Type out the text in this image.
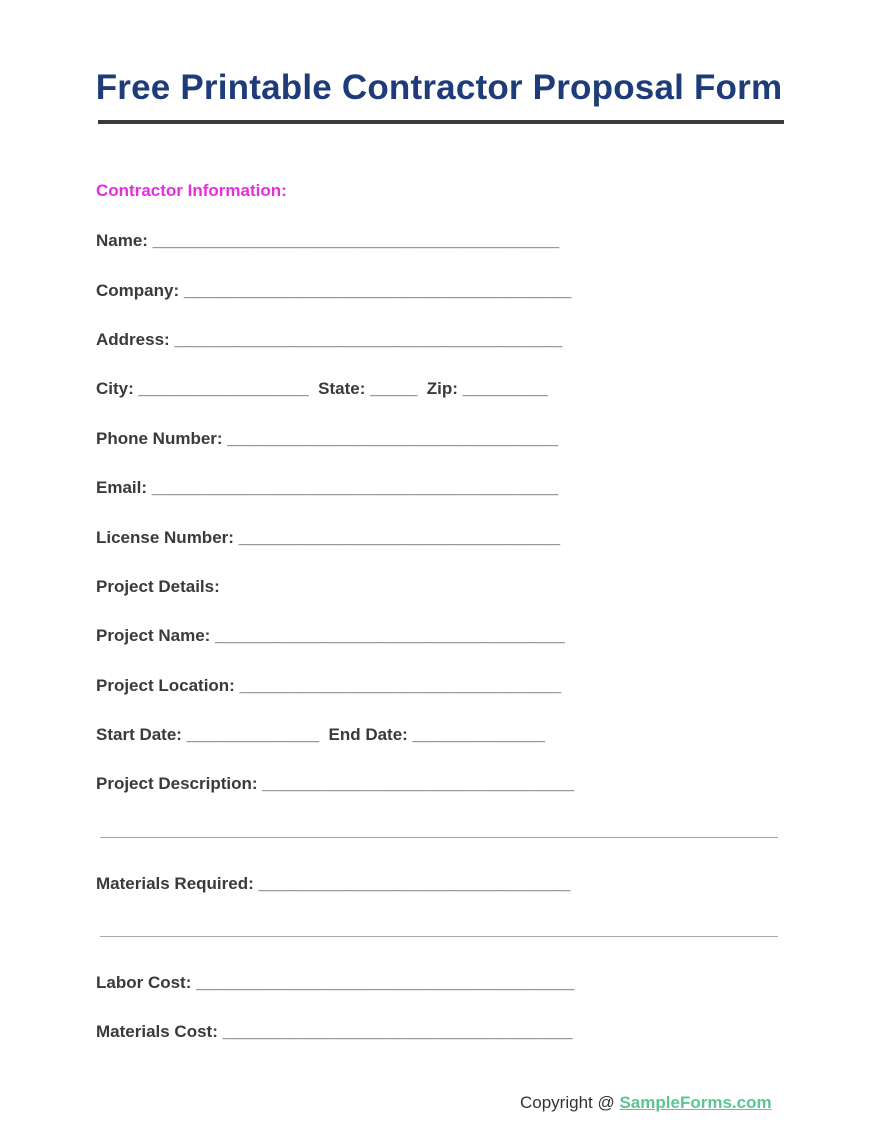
Free Printable Contractor Proposal Form
Contractor Information:
Name: ___________________________________________
Company: _________________________________________
Address: _________________________________________
City: __________________  State: _____  Zip: _________
Phone Number: ___________________________________
Email: ___________________________________________
License Number: __________________________________
Project Details:
Project Name: _____________________________________
Project Location: __________________________________
Start Date: ______________  End Date: ______________
Project Description: _________________________________
Materials Required: _________________________________
Labor Cost: ________________________________________
Materials Cost: _____________________________________
Copyright @ SampleForms.com
